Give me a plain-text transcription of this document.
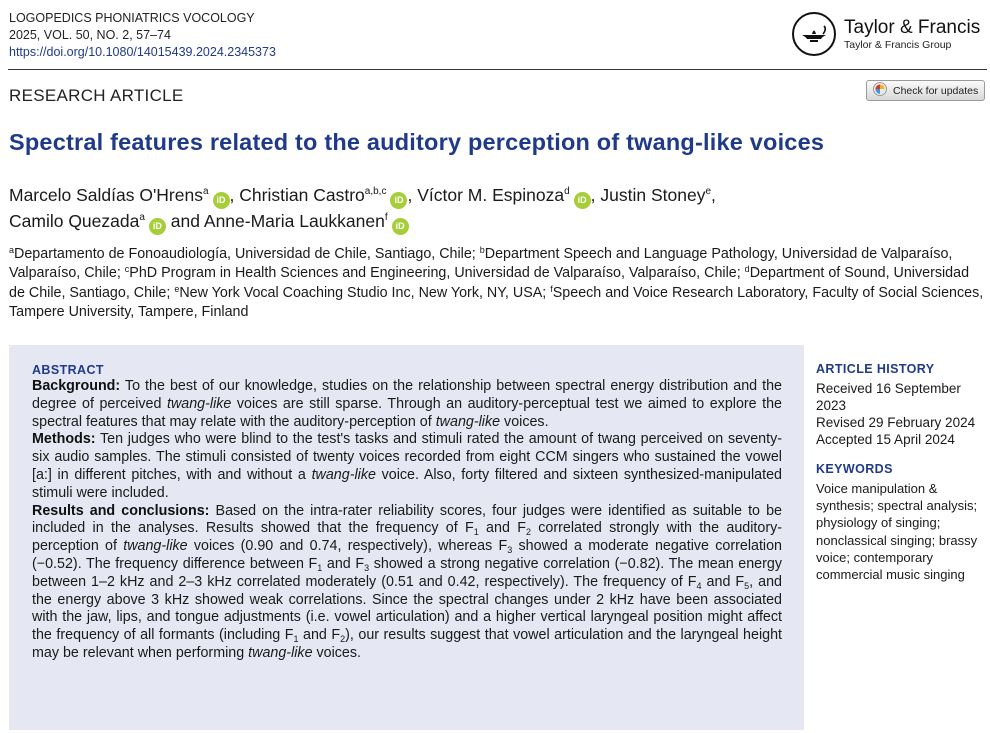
LOGOPEDICS PHONIATRICS VOCOLOGY
2025, VOL. 50, NO. 2, 57–74
https://doi.org/10.1080/14015439.2024.2345373
Taylor & Francis
Taylor & Francis Group
RESEARCH ARTICLE	Check for updates
Spectral features related to the auditory perception of twang-like voices
Marcelo Saldías O'Hrens$^a$iD , Christian Castro$^{a,b,c}$iD , Víctor M. Espinoza$^d$iD , Justin Stoney$^e$,
Camilo Quezada$^a$iD and Anne-Maria Laukkanen$^f$iD
$^a$Departamento de Fonoaudiología, Universidad de Chile, Santiago, Chile; $^b$Department Speech and Language Pathology, Universidad de Valparaíso, Valparaíso, Chile; $^c$PhD Program in Health Sciences and Engineering, Universidad de Valparaíso, Valparaíso, Chile; $^d$Department of Sound, Universidad de Chile, Santiago, Chile; $^e$New York Vocal Coaching Studio Inc, New York, NY, USA; $^f$Speech and Voice Research Laboratory, Faculty of Social Sciences, Tampere University, Tampere, Finland
ABSTRACT

Background: To the best of our knowledge, studies on the relationship between spectral energy distribution and the degree of perceived twang-like voices are still sparse. Through an auditory-perceptual test we aimed to explore the spectral features that may relate with the auditory-perception of twang-like voices.

Methods: Ten judges who were blind to the test's tasks and stimuli rated the amount of twang perceived on seventy-six audio samples. The stimuli consisted of twenty voices recorded from eight CCM singers who sustained the vowel [a:] in different pitches, with and without a twang-like voice. Also, forty filtered and sixteen synthesized-manipulated stimuli were included.

Results and conclusions: Based on the intra-rater reliability scores, four judges were identified as suitable to be included in the analyses. Results showed that the frequency of $F_1$ and $F_2$ correlated strongly with the auditory-perception of twang-like voices (0.90 and 0.74, respectively), whereas $F_3$ showed a moderate negative correlation (−0.52). The frequency difference between $F_1$ and $F_3$ showed a strong negative correlation (−0.82). The mean energy between 1–2 kHz and 2–3 kHz correlated moderately (0.51 and 0.42, respectively). The frequency of $F_4$ and $F_5$, and the energy above 3 kHz showed weak correlations. Since the spectral changes under 2 kHz have been associated with the jaw, lips, and tongue adjustments (i.e. vowel articulation) and a higher vertical laryngeal position might affect the frequency of all formants (including $F_1$ and $F_2$), our results suggest that vowel articulation and the laryngeal height may be relevant when performing twang-like voices.

ARTICLE HISTORY
Received 16 September 2023
Revised 29 February 2024
Accepted 15 April 2024
KEYWORDS
Voice manipulation & synthesis; spectral analysis; physiology of singing; nonclassical singing; brassy voice; contemporary commercial music singing
